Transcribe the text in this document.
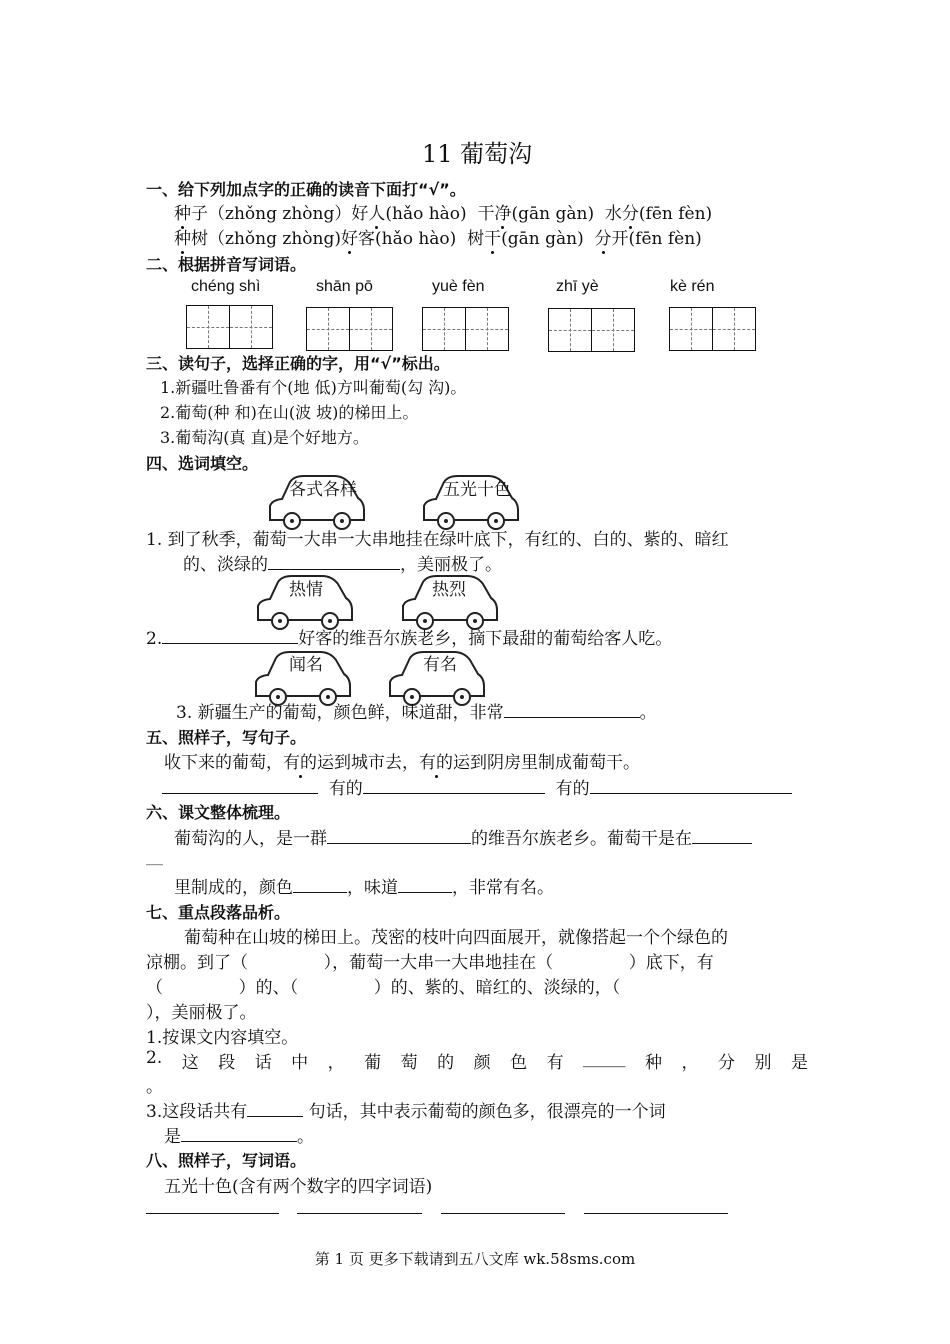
11 葡萄沟
一、给下列加点字的正确的读音下面打“√”。
种子（zhǒng zhòng）好人(hǎo hào) 干净(gān gàn) 水分(fēn fèn)
种树（zhǒng zhòng)好客(hǎo hào) 树干(gān gàn) 分开(fēn fèn)
二、根据拼音写词语。
chéng shì	shān pō	yuè fèn	zhī yè	kè rén
三、读句子，选择正确的字，用“√”标出。
1.新疆吐鲁番有个(地 低)方叫葡萄(勾 沟)。
2.葡萄(种 和)在山(波 坡)的梯田上。
3.葡萄沟(真 直)是个好地方。
四、选词填空。
各式各样	五光十色
1. 到了秋季，葡萄一大串一大串地挂在绿叶底下，有红的、白的、紫的、暗红
的、淡绿的	，美丽极了。
热情	热烈
2.	好客的维吾尔族老乡，摘下最甜的葡萄给客人吃。
闻名	有名
3. 新疆生产的葡萄，颜色鲜，味道甜，非常	。
五、照样子，写句子。
收下来的葡萄，有的运到城市去，有的运到阴房里制成葡萄干。
有的	有的
六、课文整体梳理。
葡萄沟的人，是一群	的维吾尔族老乡。葡萄干是在
__
里制成的，颜色	，味道	，非常有名。
七、重点段落品析。
葡萄种在山坡的梯田上。茂密的枝叶向四面展开，就像搭起一个个绿色的
凉棚。到了（              ），葡萄一大串一大串地挂在（              ）底下，有
（              ）的、（              ）的、紫的、暗红的、淡绿的，（
），美丽极了。
1.按课文内容填空。
2. 这 段 话 中 ， 葡 萄 的 颜 色 有 _____ 种 ， 分 别 是
。
3.这段话共有	句话，其中表示葡萄的颜色多，很漂亮的一个词
是	。
八、照样子，写词语。
五光十色(含有两个数字的四字词语)
第 1 页 更多下载请到五八文库 wk.58sms.com
